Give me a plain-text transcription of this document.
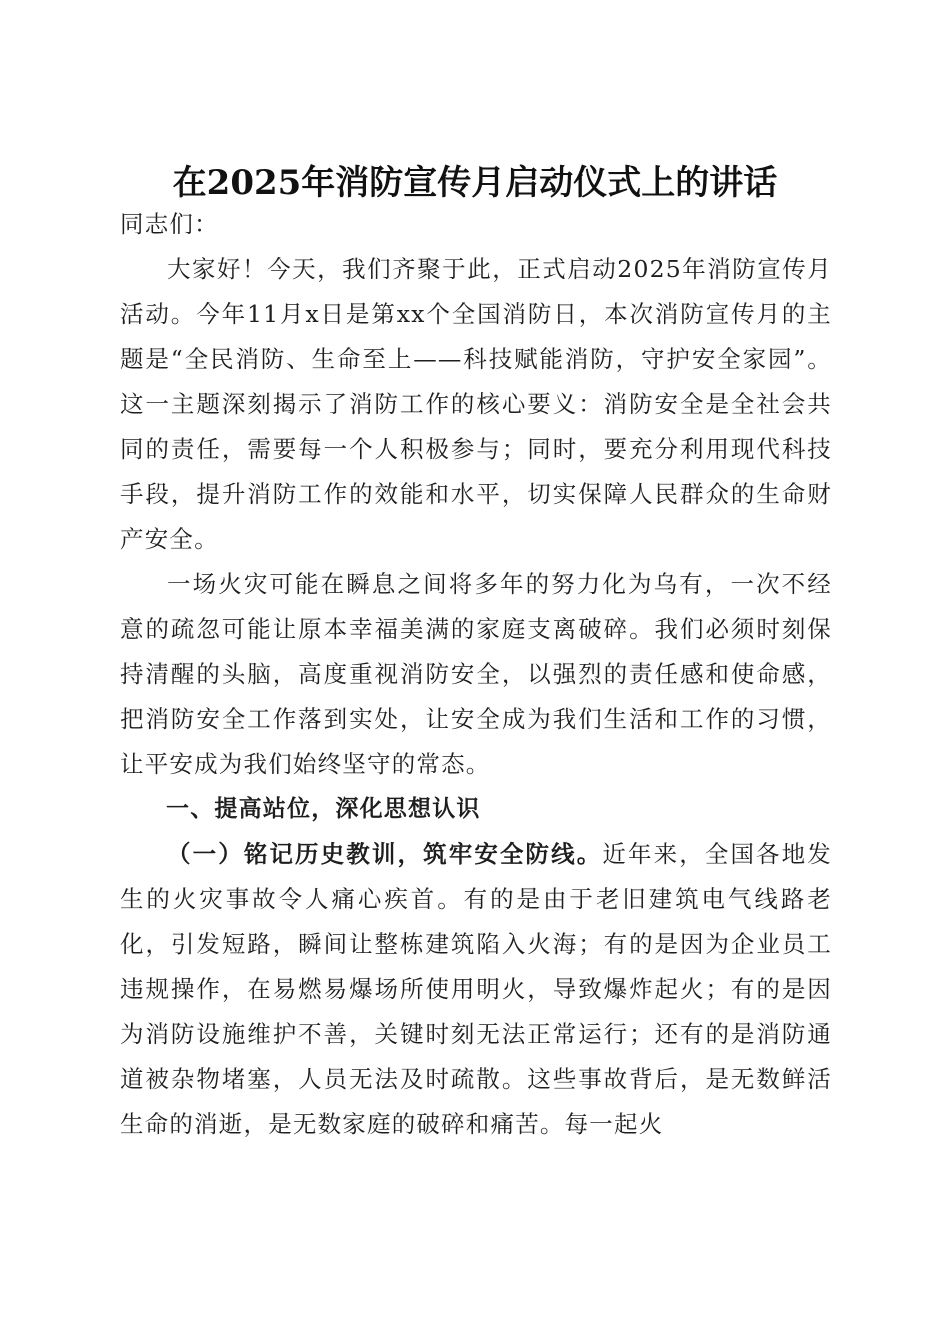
在2025年消防宣传月启动仪式上的讲话

同志们：

大家好！今天，我们齐聚于此，正式启动2025年消防宣传月活动。今年11月x日是第xx个全国消防日，本次消防宣传月的主题是“全民消防、生命至上——科技赋能消防，守护安全家园”。这一主题深刻揭示了消防工作的核心要义：消防安全是全社会共同的责任，需要每一个人积极参与；同时，要充分利用现代科技手段，提升消防工作的效能和水平，切实保障人民群众的生命财产安全。

一场火灾可能在瞬息之间将多年的努力化为乌有，一次不经意的疏忽可能让原本幸福美满的家庭支离破碎。我们必须时刻保持清醒的头脑，高度重视消防安全，以强烈的责任感和使命感，把消防安全工作落到实处，让安全成为我们生活和工作的习惯，让平安成为我们始终坚守的常态。

一、提高站位，深化思想认识

（一）铭记历史教训，筑牢安全防线。近年来，全国各地发生的火灾事故令人痛心疾首。有的是由于老旧建筑电气线路老化，引发短路，瞬间让整栋建筑陷入火海；有的是因为企业员工违规操作，在易燃易爆场所使用明火，导致爆炸起火；有的是因为消防设施维护不善，关键时刻无法正常运行；还有的是消防通道被杂物堵塞，人员无法及时疏散。这些事故背后，是无数鲜活生命的消逝，是无数家庭的破碎和痛苦。每一起火
